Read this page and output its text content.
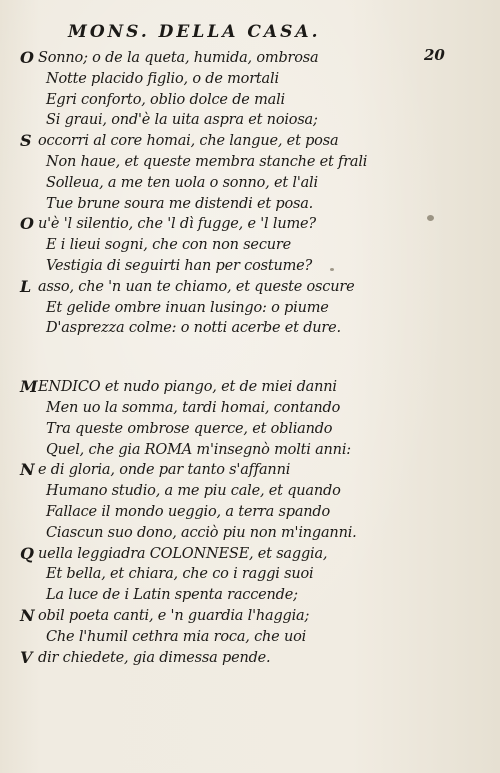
MONS. DELLA CASA.
20
O Sonno; o de la queta, humida, ombrosa
Notte placido figlio, o de mortali
Egri conforto, oblio dolce de mali
Si graui, ond'è la uita aspra et noiosa;
S occorri al core homai, che langue, et posa
Non haue, et queste membra stanche et frali
Solleua, a me ten uola o sonno, et l'ali
Tue brune soura me distendi et posa.
O u'è 'l silentio, che 'l dì fugge, e 'l lume?
E i lieui sogni, che con non secure
Vestigia di seguirti han per costume?
L asso, che 'n uan te chiamo, et queste oscure
Et gelide ombre inuan lusingo: o piume
D'asprezza colme: o notti acerbe et dure.
M ENDICO et nudo piango, et de miei danni
Men uo la somma, tardi homai, contando
Tra queste ombrose querce, et obliando
Quel, che gia ROMA m'insegnò molti anni:
N e di gloria, onde par tanto s'affanni
Humano studio, a me piu cale, et quando
Fallace il mondo ueggio, a terra spando
Ciascun suo dono, acciò piu non m'inganni.
Q uella leggiadra COLONNESE, et saggia,
Et bella, et chiara, che co i raggi suoi
La luce de i Latin spenta raccende;
N obil poeta canti, e 'n guardia l'haggia;
Che l'humil cethra mia roca, che uoi
V dir chiedete, gia dimessa pende.
